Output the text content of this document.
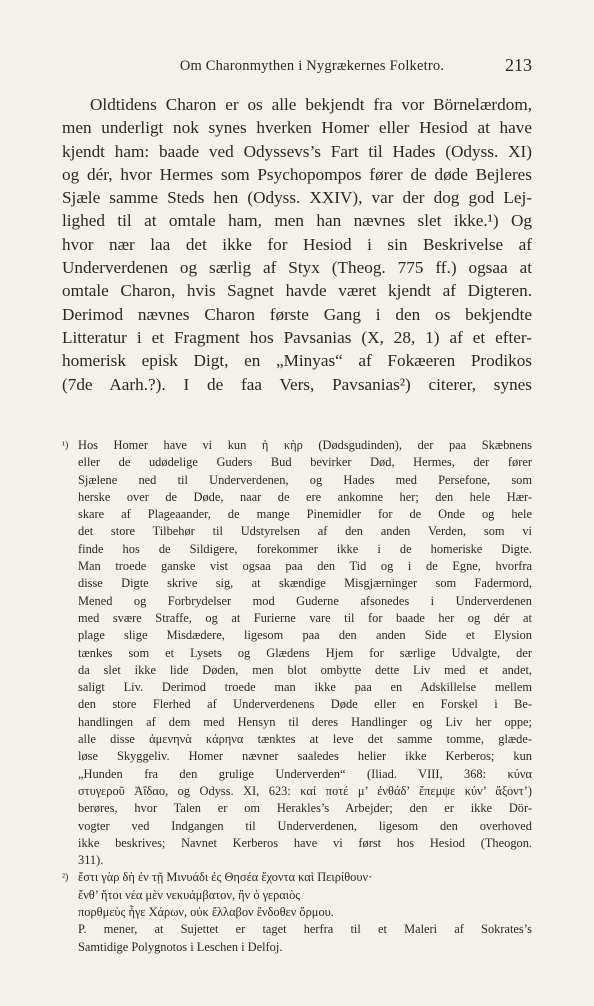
Om Charonmythen i Nygrækernes Folketro.	213
Oldtidens Charon er os alle bekjendt fra vor Börnelærdom,
men underligt nok synes hverken Homer eller Hesiod at have
kjendt ham: baade ved Odyssevs’s Fart til Hades (Odyss. XI)
og dér, hvor Hermes som Psychopompos fører de døde Bejleres
Sjæle samme Steds hen (Odyss. XXIV), var der dog god Lej-
lighed til at omtale ham, men han nævnes slet ikke.¹) Og
hvor nær laa det ikke for Hesiod i sin Beskrivelse af
Underverdenen og særlig af Styx (Theog. 775 ff.) ogsaa at
omtale Charon, hvis Sagnet havde været kjendt af Digteren.
Derimod nævnes Charon første Gang i den os bekjendte
Litteratur i et Fragment hos Pavsanias (X, 28, 1) af et efter-
homerisk episk Digt, en „Minyas“ af Fokæeren Prodikos
(7de Aarh.?). I de faa Vers, Pavsanias²) citerer, synes
¹) Hos Homer have vi kun ἡ κὴρ (Dødsgudinden), der paa Skæbnens
eller de udødelige Guders Bud bevirker Død, Hermes, der fører
Sjælene ned til Underverdenen, og Hades med Persefone, som
herske over de Døde, naar de ere ankomne her; den hele Hær-
skare af Plageaander, de mange Pinemidler for de Onde og hele
det store Tilbehør til Udstyrelsen af den anden Verden, som vi
finde hos de Sildigere, forekommer ikke i de homeriske Digte.
Man troede ganske vist ogsaa paa den Tid og i de Egne, hvorfra
disse Digte skrive sig, at skændige Misgjærninger som Fadermord,
Mened og Forbrydelser mod Guderne afsonedes i Underverdenen
med svære Straffe, og at Furierne vare til for baade her og dér at
plage slige Misdædere, ligesom paa den anden Side et Elysion
tænkes som et Lysets og Glædens Hjem for særlige Udvalgte, der
da slet ikke lide Døden, men blot ombytte dette Liv med et andet,
saligt Liv. Derimod troede man ikke paa en Adskillelse mellem
den store Flerhed af Underverdenens Døde eller en Forskel i Be-
handlingen af dem med Hensyn til deres Handlinger og Liv her oppe;
alle disse ἀμενηνὰ κάρηνα tænktes at leve det samme tomme, glæde-
løse Skyggeliv. Homer nævner saaledes helier ikke Kerberos; kun
„Hunden fra den grulige Underverden“ (Iliad. VIII, 368: κύνα
στυγεροῦ Ἀΐδαο, og Odyss. XI, 623: καί ποτέ μ’ ἐνθάδ’ ἔπεμψε κύν’ ἄξοντ’)
berøres, hvor Talen er om Herakles’s Arbejder; den er ikke Dör-
vogter ved Indgangen til Underverdenen, ligesom den overhoved
ikke beskrives; Navnet Kerberos have vi først hos Hesiod (Theogon.
311).
²) ἔστι γὰρ δὴ ἐν τῇ Μινυάδι ἐς Θησέα ἔχοντα καὶ Πειρίθουν·
ἔνθ’ ἤτοι νέα μὲν νεκυάμβατον, ἣν ὁ γεραιὸς
πορθμεὺς ἦγε Χάρων, οὐκ ἔλλαβον ἔνδοθεν ὅρμου.
P. mener, at Sujettet er taget herfra til et Maleri af Sokrates’s
Samtidige Polygnotos i Leschen i Delfoj.
